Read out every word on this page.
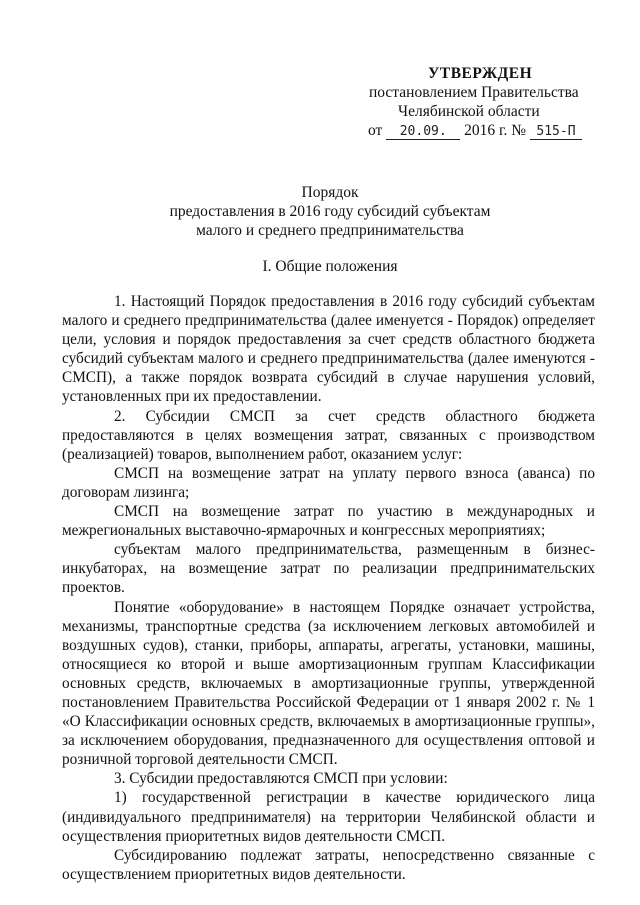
УТВЕРЖДЕН
постановлением Правительства
Челябинской области
от 20.09. 2016 г. № 515-П
Порядок
предоставления в 2016 году субсидий субъектам
малого и среднего предпринимательства
I. Общие положения

1. Настоящий Порядок предоставления в 2016 году субсидий субъектам малого и среднего предпринимательства (далее именуется - Порядок) определяет цели, условия и порядок предоставления за счет средств областного бюджета субсидий субъектам малого и среднего предпринимательства (далее именуются - СМСП), а также порядок возврата субсидий в случае нарушения условий, установленных при их предоставлении.

2. Субсидии СМСП за счет средств областного бюджета предоставляются в целях возмещения затрат, связанных с производством (реализацией) товаров, выполнением работ, оказанием услуг:

СМСП на возмещение затрат на уплату первого взноса (аванса) по договорам лизинга;

СМСП на возмещение затрат по участию в международных и межрегиональных выставочно-ярмарочных и конгрессных мероприятиях;

субъектам малого предпринимательства, размещенным в бизнес-инкубаторах, на возмещение затрат по реализации предпринимательских проектов.

Понятие «оборудование» в настоящем Порядке означает устройства, механизмы, транспортные средства (за исключением легковых автомобилей и воздушных судов), станки, приборы, аппараты, агрегаты, установки, машины, относящиеся ко второй и выше амортизационным группам Классификации основных средств, включаемых в амортизационные группы, утвержденной постановлением Правительства Российской Федерации от 1 января 2002 г. № 1 «О Классификации основных средств, включаемых в амортизационные группы», за исключением оборудования, предназначенного для осуществления оптовой и розничной торговой деятельности СМСП.

3. Субсидии предоставляются СМСП при условии:

1) государственной регистрации в качестве юридического лица (индивидуального предпринимателя) на территории Челябинской области и осуществления приоритетных видов деятельности СМСП.

Субсидированию подлежат затраты, непосредственно связанные с осуществлением приоритетных видов деятельности.
